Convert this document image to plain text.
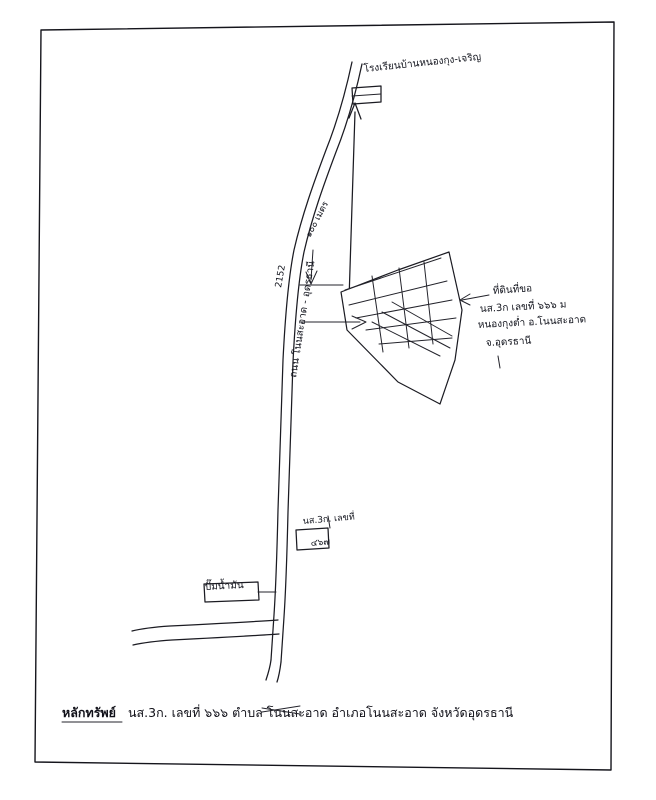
โรงเรียนบ้านหนองกุง-เจริญ
๑๐๐ เมตร
2152 ถนน โนนสะอาด - อุดรธานี	ที่ดินที่ขอ
นส.3ก เลขที่ ๖๖๖ ม
หนองกุงต่ำ อ.โนนสะอาด
จ.อุดรธานี
นส.3ก. เลขที่
๔๖๗
ปั๊มน้ำมัน
หลักทรัพย์ นส.3ก. เลขที่ ๖๖๖ ตำบล โนนสะอาด อำเภอโนนสะอาด จังหวัดอุดรธานี
